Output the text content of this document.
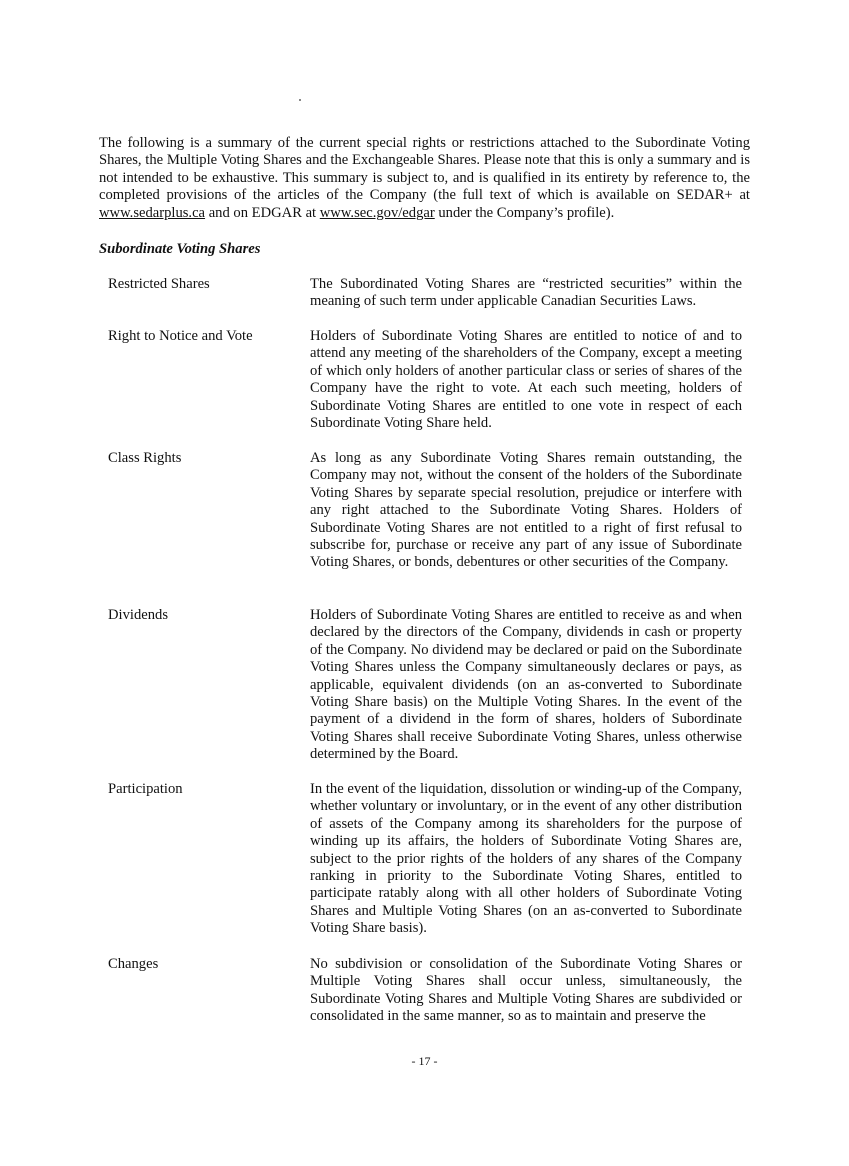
The following is a summary of the current special rights or restrictions attached to the Subordinate Voting Shares, the Multiple Voting Shares and the Exchangeable Shares. Please note that this is only a summary and is not intended to be exhaustive. This summary is subject to, and is qualified in its entirety by reference to, the completed provisions of the articles of the Company (the full text of which is available on SEDAR+ at www.sedarplus.ca and on EDGAR at www.sec.gov/edgar under the Company’s profile).

Subordinate Voting Shares
Restricted Shares	The Subordinated Voting Shares are “restricted securities” within the meaning of such term under applicable Canadian Securities Laws.

Right to Notice and Vote	Holders of Subordinate Voting Shares are entitled to notice of and to attend any meeting of the shareholders of the Company, except a meeting of which only holders of another particular class or series of shares of the Company have the right to vote. At each such meeting, holders of Subordinate Voting Shares are entitled to one vote in respect of each Subordinate Voting Share held.

Class Rights	As long as any Subordinate Voting Shares remain outstanding, the Company may not, without the consent of the holders of the Subordinate Voting Shares by separate special resolution, prejudice or interfere with any right attached to the Subordinate Voting Shares. Holders of Subordinate Voting Shares are not entitled to a right of first refusal to subscribe for, purchase or receive any part of any issue of Subordinate Voting Shares, or bonds, debentures or other securities of the Company.

Dividends	Holders of Subordinate Voting Shares are entitled to receive as and when declared by the directors of the Company, dividends in cash or property of the Company. No dividend may be declared or paid on the Subordinate Voting Shares unless the Company simultaneously declares or pays, as applicable, equivalent dividends (on an as-converted to Subordinate Voting Share basis) on the Multiple Voting Shares. In the event of the payment of a dividend in the form of shares, holders of Subordinate Voting Shares shall receive Subordinate Voting Shares, unless otherwise determined by the Board.

Participation	In the event of the liquidation, dissolution or winding-up of the Company, whether voluntary or involuntary, or in the event of any other distribution of assets of the Company among its shareholders for the purpose of winding up its affairs, the holders of Subordinate Voting Shares are, subject to the prior rights of the holders of any shares of the Company ranking in priority to the Subordinate Voting Shares, entitled to participate ratably along with all other holders of Subordinate Voting Shares and Multiple Voting Shares (on an as-converted to Subordinate Voting Share basis).

Changes	No subdivision or consolidation of the Subordinate Voting Shares or Multiple Voting Shares shall occur unless, simultaneously, the Subordinate Voting Shares and Multiple Voting Shares are subdivided or consolidated in the same manner, so as to maintain and preserve the

- 17 -
